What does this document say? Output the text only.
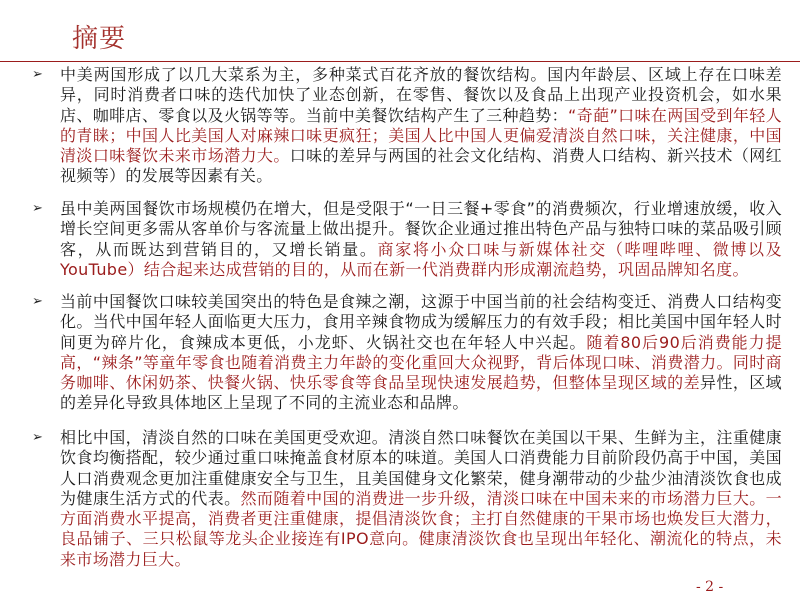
摘要
➢
中美两国形成了以几大菜系为主，多种菜式百花齐放的餐饮结构。国内年龄层、区域上存在口味差异，同时消费者口味的迭代加快了业态创新，在零售、餐饮以及食品上出现产业投资机会，如水果店、咖啡店、零食以及火锅等等。当前中美餐饮结构产生了三种趋势：“奇葩”口味在两国受到年轻人的青睐；中国人比美国人对麻辣口味更疯狂；美国人比中国人更偏爱清淡自然口味，关注健康，中国清淡口味餐饮未来市场潜力大。口味的差异与两国的社会文化结构、消费人口结构、新兴技术（网红视频等）的发展等因素有关。
➢
虽中美两国餐饮市场规模仍在增大，但是受限于“一日三餐+零食”的消费频次，行业增速放缓，收入增长空间更多需从客单价与客流量上做出提升。餐饮企业通过推出特色产品与独特口味的菜品吸引顾客，从而既达到营销目的，又增长销量。商家将小众口味与新媒体社交（哔哩哔哩、微博以及YouTube）结合起来达成营销的目的，从而在新一代消费群内形成潮流趋势，巩固品牌知名度。
➢
当前中国餐饮口味较美国突出的特色是食辣之潮，这源于中国当前的社会结构变迁、消费人口结构变化。当代中国年轻人面临更大压力，食用辛辣食物成为缓解压力的有效手段；相比美国中国年轻人时间更为碎片化，食辣成本更低，小龙虾、火锅社交也在年轻人中兴起。随着80后90后消费能力提高，“辣条”等童年零食也随着消费主力年龄的变化重回大众视野，背后体现口味、消费潜力。同时商务咖啡、休闲奶茶、快餐火锅、快乐零食等食品呈现快速发展趋势，但整体呈现区域的差异性，区域的差异化导致具体地区上呈现了不同的主流业态和品牌。
➢
相比中国，清淡自然的口味在美国更受欢迎。清淡自然口味餐饮在美国以干果、生鲜为主，注重健康饮食均衡搭配，较少通过重口味掩盖食材原本的味道。美国人口消费能力目前阶段仍高于中国，美国人口消费观念更加注重健康安全与卫生，且美国健身文化繁荣，健身潮带动的少盐少油清淡饮食也成为健康生活方式的代表。然而随着中国的消费进一步升级，清淡口味在中国未来的市场潜力巨大。一方面消费水平提高，消费者更注重健康，提倡清淡饮食；主打自然健康的干果市场也焕发巨大潜力，良品铺子、三只松鼠等龙头企业接连有IPO意向。健康清淡饮食也呈现出年轻化、潮流化的特点，未来市场潜力巨大。
- 2 -
